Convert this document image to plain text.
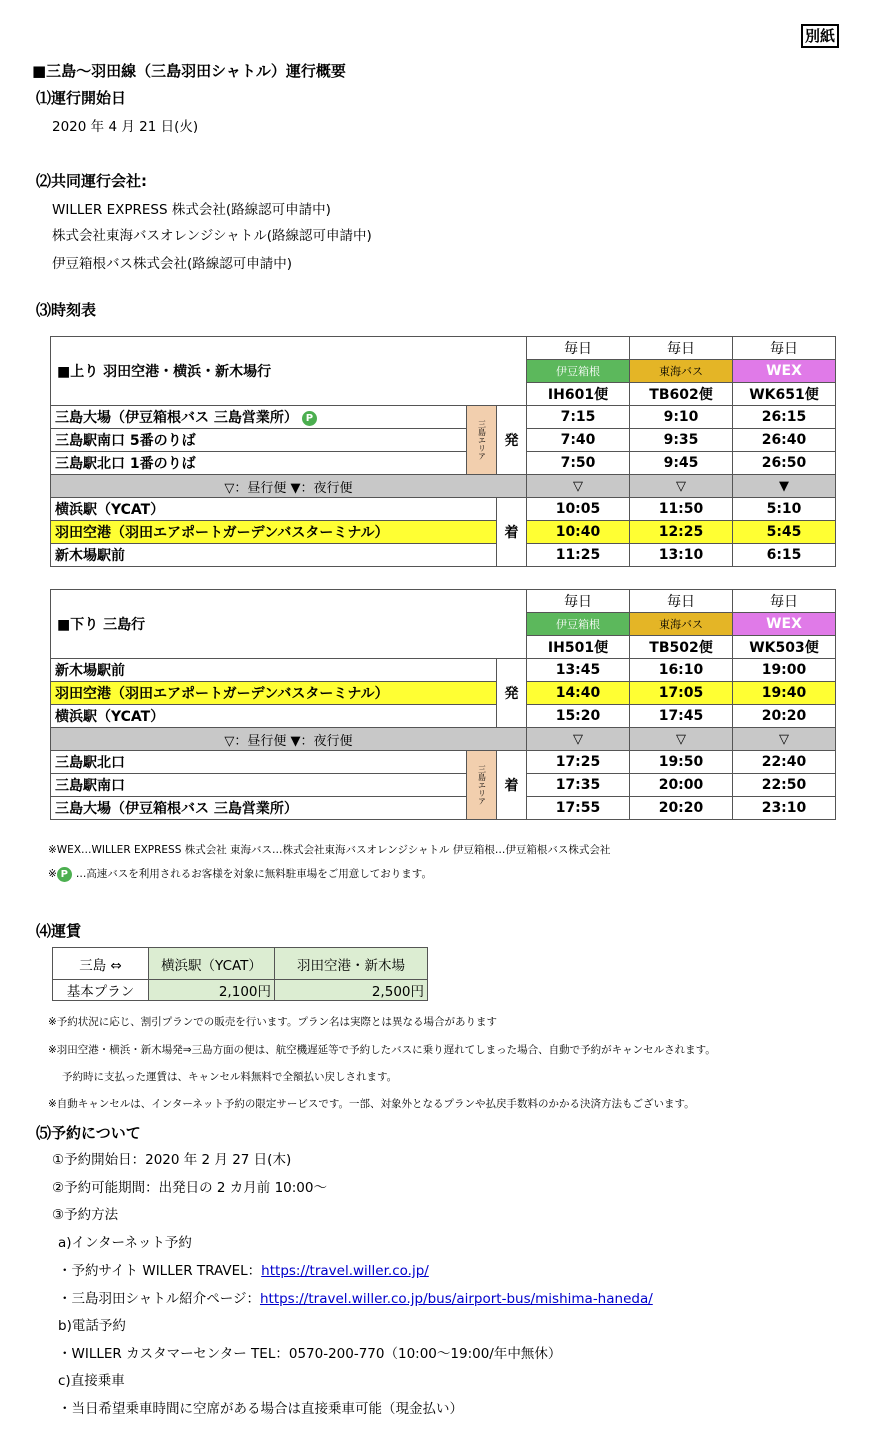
別紙
■三島～羽田線（三島羽田シャトル）運行概要
⑴運行開始日
2020 年 4 月 21 日(火)
⑵共同運行会社:
WILLER EXPRESS 株式会社(路線認可申請中)
株式会社東海バスオレンジシャトル(路線認可申請中)
伊豆箱根バス株式会社(路線認可申請中)
⑶時刻表
■上り 羽田空港・横浜・新木場行			毎日	毎日	毎日
			伊豆箱根	東海バス	WEX
			IH601便	TB602便	WK651便
三島大場（伊豆箱根バス 三島営業所） P	三島エリア	発	7:15	9:10	26:15
三島駅南口 5番のりば			7:40	9:35	26:40
三島駅北口 1番のりば			7:50	9:45	26:50
▽：昼行便 ▼：夜行便			▽	▽	▼
横浜駅（YCAT）		着	10:05	11:50	5:10
羽田空港（羽田エアポートガーデンバスターミナル）			10:40	12:25	5:45
新木場駅前			11:25	13:10	6:15
■下り 三島行			毎日	毎日	毎日
			伊豆箱根	東海バス	WEX
			IH501便	TB502便	WK503便
新木場駅前		発	13:45	16:10	19:00
羽田空港（羽田エアポートガーデンバスターミナル）			14:40	17:05	19:40
横浜駅（YCAT）			15:20	17:45	20:20
▽：昼行便 ▼：夜行便			▽	▽	▽
三島駅北口	三島エリア	着	17:25	19:50	22:40
三島駅南口			17:35	20:00	22:50
三島大場（伊豆箱根バス 三島営業所）			17:55	20:20	23:10
※WEX…WILLER EXPRESS 株式会社 東海バス…株式会社東海バスオレンジシャトル 伊豆箱根…伊豆箱根バス株式会社
※ P …高速バスを利用されるお客様を対象に無料駐車場をご用意しております。
⑷運賃
三島 ⇔	横浜駅（YCAT）	羽田空港・新木場
基本プラン	2,100円	2,500円
※予約状況に応じ、割引プランでの販売を行います。プラン名は実際とは異なる場合があります
※羽田空港・横浜・新木場発⇒三島方面の便は、航空機遅延等で予約したバスに乗り遅れてしまった場合、自動で予約がキャンセルされます。
予約時に支払った運賃は、キャンセル料無料で全額払い戻しされます。
※自動キャンセルは、インターネット予約の限定サービスです。一部、対象外となるプランや払戻手数料のかかる決済方法もございます。
⑸予約について
①予約開始日：2020 年 2 月 27 日(木)
②予約可能期間：出発日の 2 カ月前 10:00～
③予約方法
a)インターネット予約
・予約サイト WILLER TRAVEL：https://travel.willer.co.jp/
・三島羽田シャトル紹介ページ：https://travel.willer.co.jp/bus/airport-bus/mishima-haneda/
b)電話予約
・WILLER カスタマーセンター TEL：0570-200-770（10:00～19:00/年中無休）
c)直接乗車
・当日希望乗車時間に空席がある場合は直接乗車可能（現金払い）
